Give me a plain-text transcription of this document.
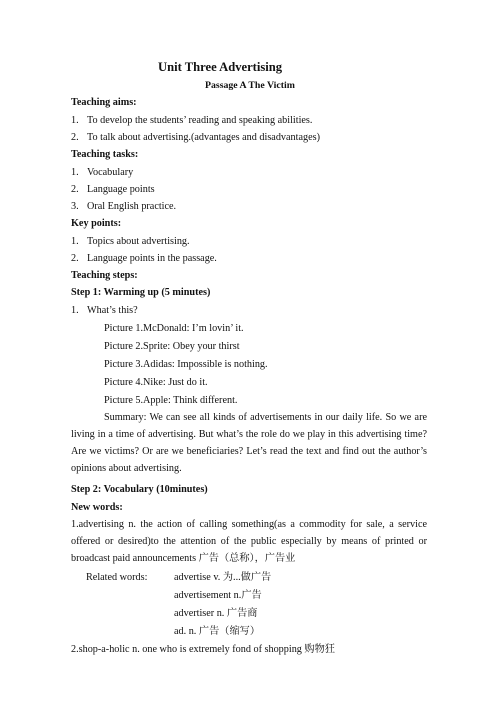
Unit Three Advertising
Passage A The Victim
Teaching aims:
1. To develop the students’ reading and speaking abilities.
2. To talk about advertising.(advantages and disadvantages)
Teaching tasks:
1. Vocabulary
2. Language points
3. Oral English practice.
Key points:
1. Topics about advertising.
2. Language points in the passage.
Teaching steps:
Step 1: Warming up (5 minutes)
1. What’s this?
Picture 1.McDonald: I’m lovin’ it.
Picture 2.Sprite: Obey your thirst
Picture 3.Adidas: Impossible is nothing.
Picture 4.Nike: Just do it.
Picture 5.Apple: Think different.
Summary: We can see all kinds of advertisements in our daily life. So we are living in a time of advertising. But what’s the role do we play in this advertising time? Are we victims? Or are we beneficiaries? Let’s read the text and find out the author’s opinions about advertising.
Step 2: Vocabulary (10minutes)
New words:
1.advertising n. the action of calling something(as a commodity for sale, a service offered or desired)to the attention of the public especially by means of printed or broadcast paid announcements 广告（总称），广告业
Related words:	advertise v. 为...做广告
advertisement n.广告
advertiser n. 广告商
ad. n. 广告（缩写）
2.shop-a-holic n. one who is extremely fond of shopping 购物狂
